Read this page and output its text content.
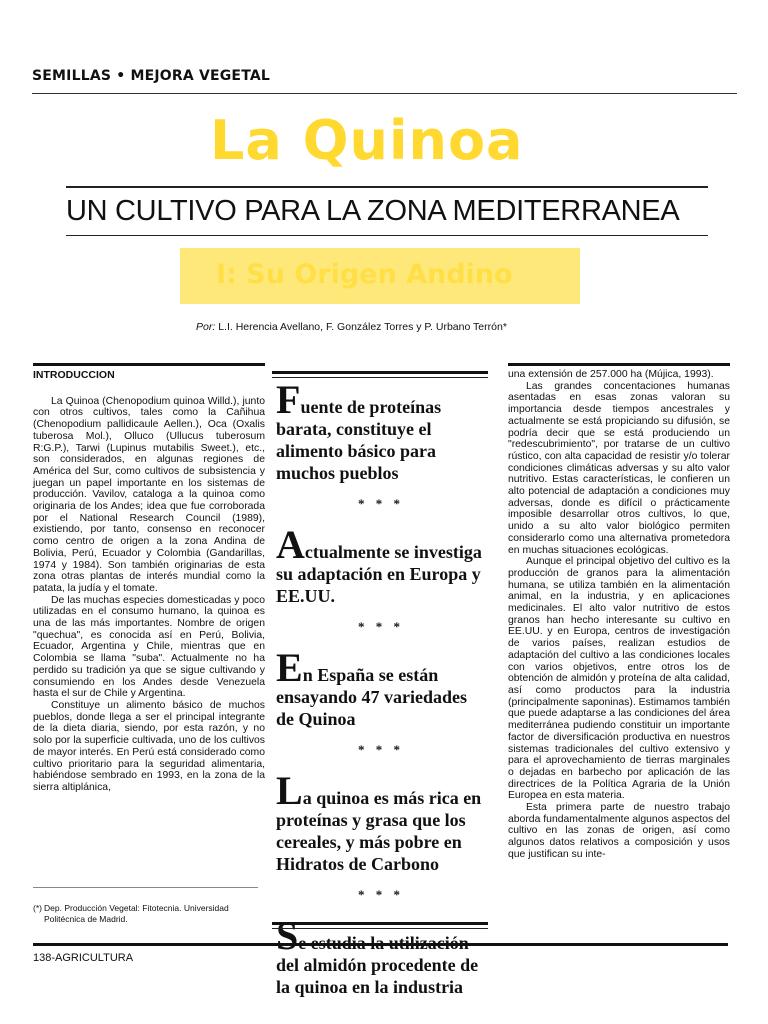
SEMILLAS • MEJORA VEGETAL
La Quinoa
UN CULTIVO PARA LA ZONA MEDITERRANEA
I: Su Origen Andino
Por: L.I. Herencia Avellano, F. González Torres y P. Urbano Terrón*

INTRODUCCION

La Quinoa (Chenopodium quinoa Willd.), junto con otros cultivos, tales como la Cañihua (Chenopodium pallidicaule Aellen.), Oca (Oxalis tuberosa Mol.), Olluco (Ullucus tuberosum R:G.P.), Tarwi (Lupinus mutabilis Sweet.), etc., son considerados, en algunas regiones de América del Sur, como cultivos de subsistencia y juegan un papel importante en los sistemas de producción. Vavilov, cataloga a la quinoa como originaria de los Andes; idea que fue corroborada por el National Research Council (1989), existiendo, por tanto, consenso en reconocer como centro de origen a la zona Andina de Bolivia, Perú, Ecuador y Colombia (Gandarillas, 1974 y 1984). Son también originarias de esta zona otras plantas de interés mundial como la patata, la judía y el tomate.

De las muchas especies domesticadas y poco utilizadas en el consumo humano, la quinoa es una de las más importantes. Nombre de origen "quechua", es conocida así en Perú, Bolivia, Ecuador, Argentina y Chile, mientras que en Colombia se llama "suba". Actualmente no ha perdido su tradición ya que se sigue cultivando y consumiendo en los Andes desde Venezuela hasta el sur de Chile y Argentina.

Constituye un alimento básico de muchos pueblos, donde llega a ser el principal integrante de la dieta diaria, siendo, por esta razón, y no solo por la superficie cultivada, uno de los cultivos de mayor interés. En Perú está considerado como cultivo prioritario para la seguridad alimentaria, habiéndose sembrado en 1993, en la zona de la sierra altiplánica,

(*) Dep. Producción Vegetal: Fitotecnia. Universidad Politécnica de Madrid.

Fuente de proteínas barata, constituye el alimento básico para muchos pueblos

* * *

Actualmente se investiga su adaptación en Europa y EE.UU.

* * *

En España se están ensayando 47 variedades de Quinoa

* * *

La quinoa es más rica en proteínas y grasa que los cereales, y más pobre en Hidratos de Carbono

* * *

Se estudia la utilización del almidón procedente de la quinoa en la industria

una extensión de 257.000 ha (Mújica, 1993).

Las grandes concentaciones humanas asentadas en esas zonas valoran su importancia desde tiempos ancestrales y actualmente se está propiciando su difusión, se podría decir que se está produciendo un "redescubrimiento", por tratarse de un cultivo rústico, con alta capacidad de resistir y/o tolerar condiciones climáticas adversas y su alto valor nutritivo. Estas características, le confieren un alto potencial de adaptación a condiciones muy adversas, donde es difícil o prácticamente imposible desarrollar otros cultivos, lo que, unido a su alto valor biológico permiten considerarlo como una alternativa prometedora en muchas situaciones ecológicas.

Aunque el principal objetivo del cultivo es la producción de granos para la alimentación humana, se utiliza también en la alimentación animal, en la industria, y en aplicaciones medicinales. El alto valor nutritivo de estos granos han hecho interesante su cultivo en EE.UU. y en Europa, centros de investigación de varios países, realizan estudios de adaptación del cultivo a las condiciones locales con varios objetivos, entre otros los de obtención de almidón y proteína de alta calidad, así como productos para la industria (principalmente saponinas). Estimamos también que puede adaptarse a las condiciones del área mediterránea pudiendo constituir un importante factor de diversificación productiva en nuestros sistemas tradicionales del cultivo extensivo y para el aprovechamiento de tierras marginales o dejadas en barbecho por aplicación de las directrices de la Política Agraria de la Unión Europea en esta materia.

Esta primera parte de nuestro trabajo aborda fundamentalmente algunos aspectos del cultivo en las zonas de origen, así como algunos datos relativos a composición y usos que justifican su inte-

138-AGRICULTURA
